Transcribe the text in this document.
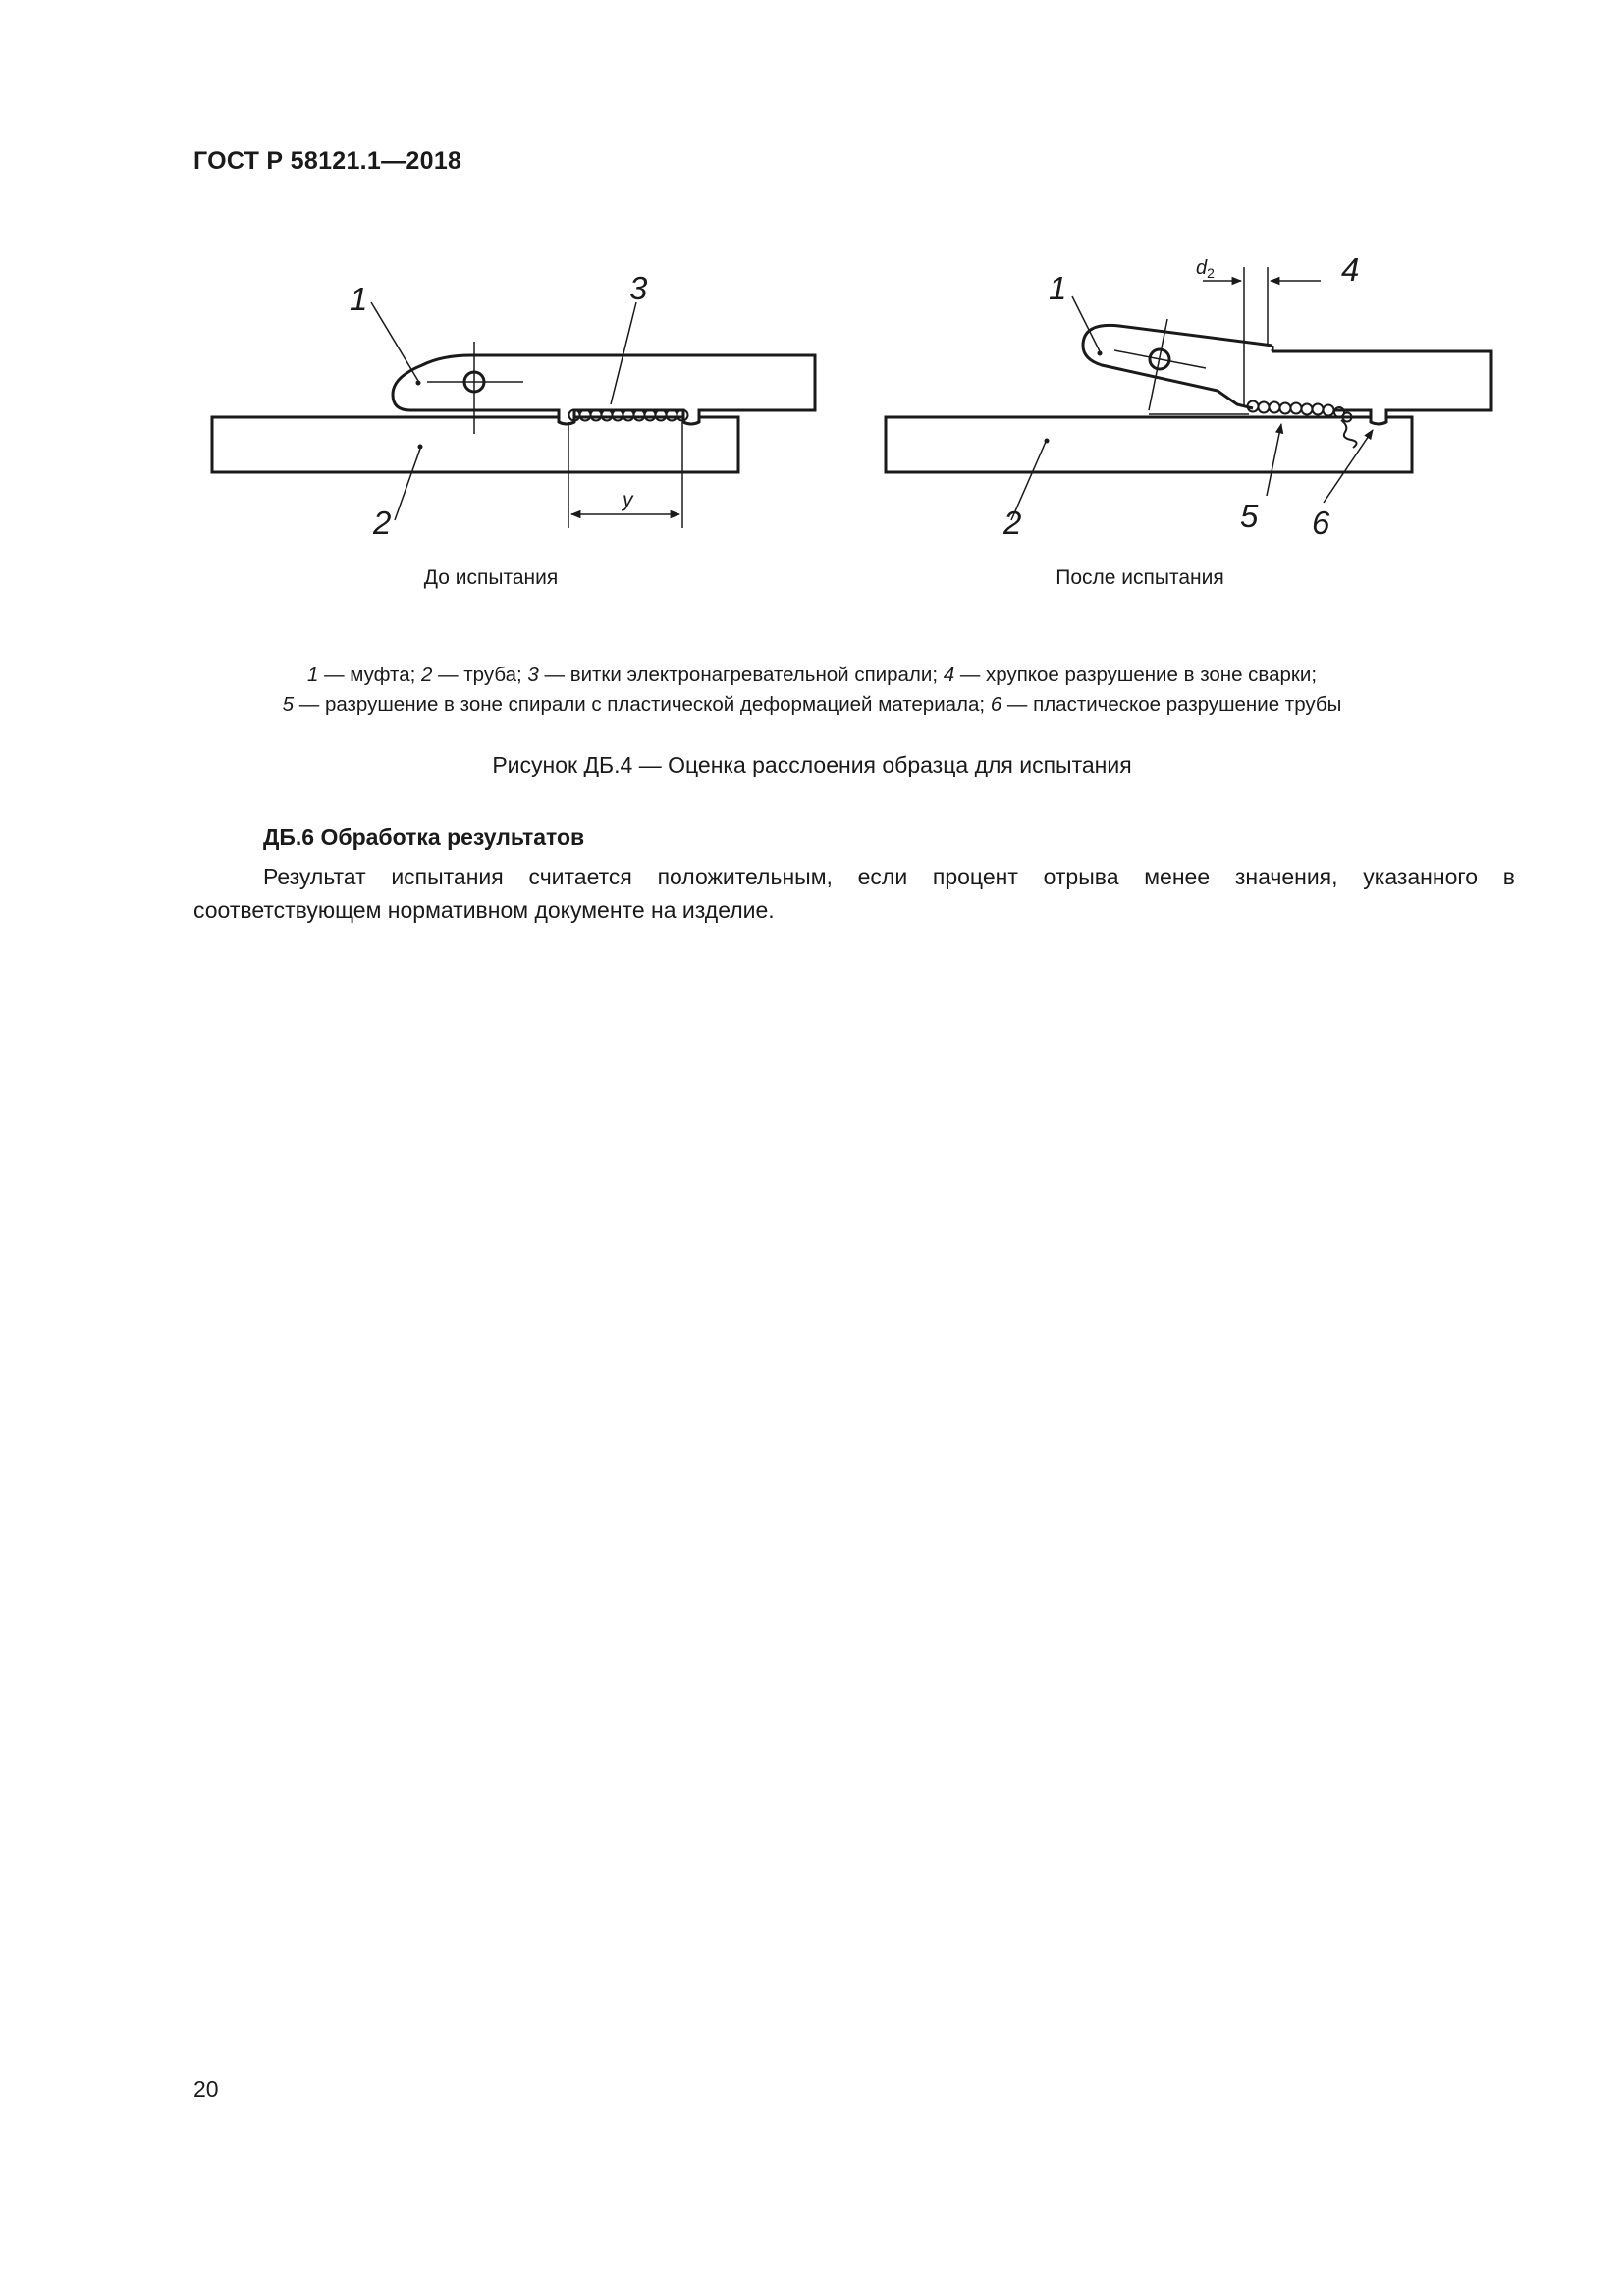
ГОСТ Р 58121.1—2018
1	3
2
y
До испытания
1
4
$d_2$
2	5 6
После испытания
1 — муфта; 2 — труба; 3 — витки электронагревательной спирали; 4 — хрупкое разрушение в зоне сварки;
5 — разрушение в зоне спирали с пластической деформацией материала; 6 — пластическое разрушение трубы
Рисунок ДБ.4 — Оценка расслоения образца для испытания
ДБ.6 Обработка результатов
Результат испытания считается положительным, если процент отрыва менее значения, указанного в соответствующем нормативном документе на изделие.
20
